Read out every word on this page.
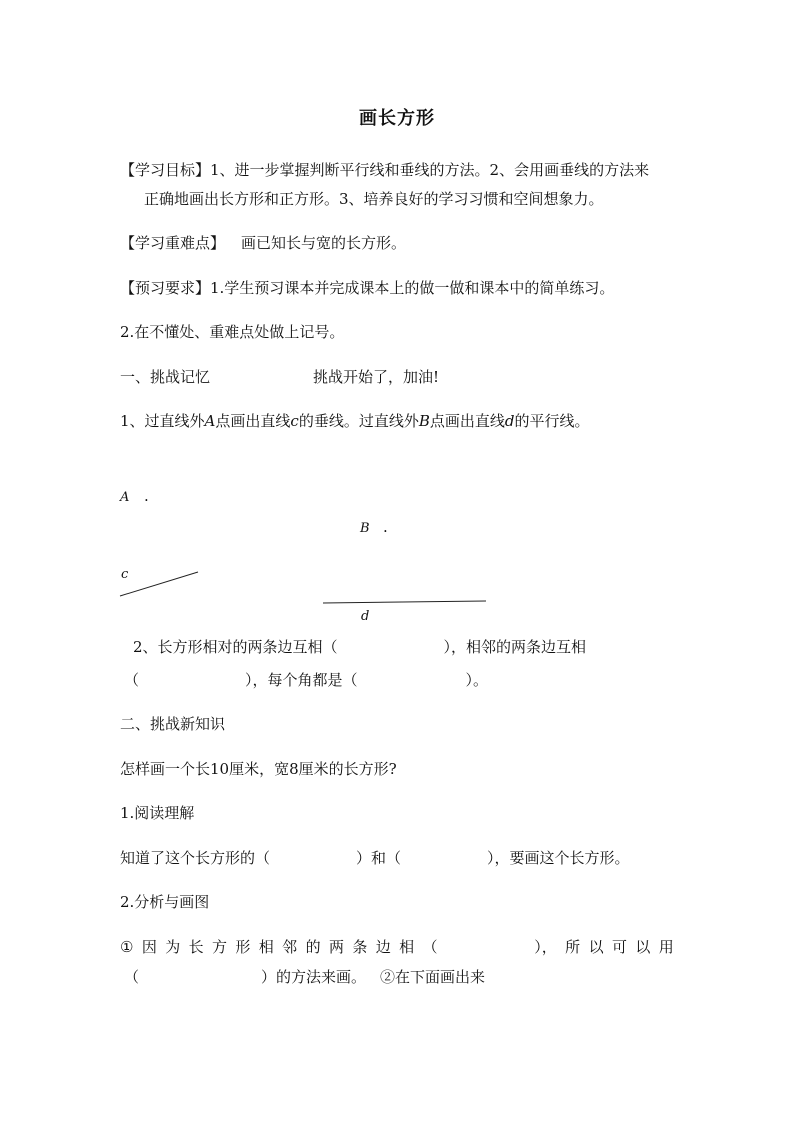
画长方形
【学习目标】1、进一步掌握判断平行线和垂线的方法。2、会用画垂线的方法来
正确地画出长方形和正方形。3、培养良好的学习习惯和空间想象力。
【学习重难点】 画已知长与宽的长方形。
【预习要求】1.学生预习课本并完成课本上的做一做和课本中的简单练习。
2.在不懂处、重难点处做上记号。
一、挑战记忆	挑战开始了，加油!
1、过直线外A点画出直线c的垂线。过直线外B点画出直线d的平行线。
A .
B .
c
d
2、长方形相对的两条边互相（	），相邻的两条边互相
（	），每个角都是（	）。
二、挑战新知识
怎样画一个长10厘米，宽8厘米的长方形?
1.阅读理解
知道了这个长方形的（	）和（	），要画这个长方形。
2.分析与画图
① 因 为 长 方 形 相 邻 的 两 条 边 相 （	）， 所 以 可 以 用
（	）的方法来画。 ②在下面画出来
